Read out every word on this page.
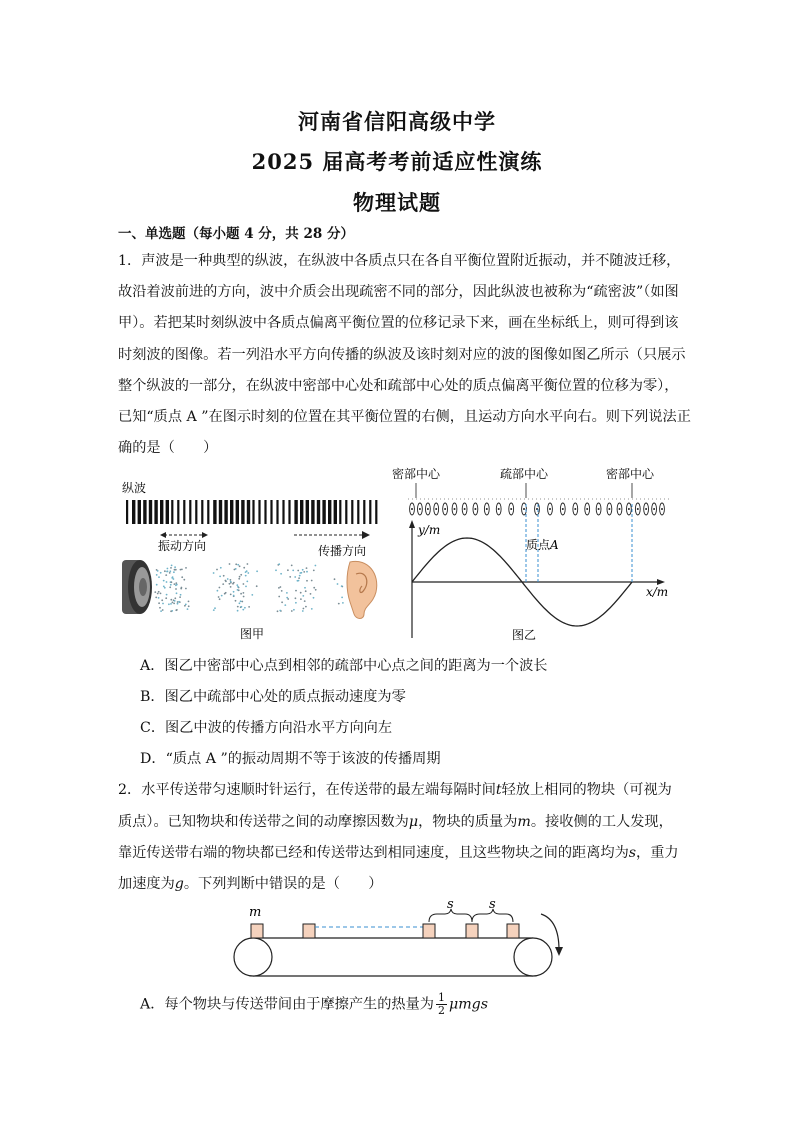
河南省信阳高级中学
2025 届高考考前适应性演练
物理试题
一、单选题（每小题 4 分，共 28 分）
1．声波是一种典型的纵波，在纵波中各质点只在各自平衡位置附近振动，并不随波迁移，
故沿着波前进的方向，波中介质会出现疏密不同的部分，因此纵波也被称为“疏密波”（如图
甲）。若把某时刻纵波中各质点偏离平衡位置的位移记录下来，画在坐标纸上，则可得到该
时刻波的图像。若一列沿水平方向传播的纵波及该时刻对应的波的图像如图乙所示（只展示
整个纵波的一部分，在纵波中密部中心处和疏部中心处的质点偏离平衡位置的位移为零），
已知“质点 A ”在图示时刻的位置在其平衡位置的右侧，且运动方向水平向右。则下列说法正
确的是（　　）
纵波
振动方向	传播方向
图甲
密部中心	疏部中心	密部中心
y/m
x/m
质点A
图乙
A．图乙中密部中心点到相邻的疏部中心点之间的距离为一个波长
B．图乙中疏部中心处的质点振动速度为零
C．图乙中波的传播方向沿水平方向向左
D．“质点 A ”的振动周期不等于该波的传播周期
2．水平传送带匀速顺时针运行，在传送带的最左端每隔时间t轻放上相同的物块（可视为
质点）。已知物块和传送带之间的动摩擦因数为μ，物块的质量为m。接收侧的工人发现，
靠近传送带右端的物块都已经和传送带达到相同速度，且这些物块之间的距离均为s，重力
加速度为g。下列判断中错误的是（　　）
m
s	s
A．每个物块与传送带间由于摩擦产生的热量为 $\frac{1}{2}$ μmgs
